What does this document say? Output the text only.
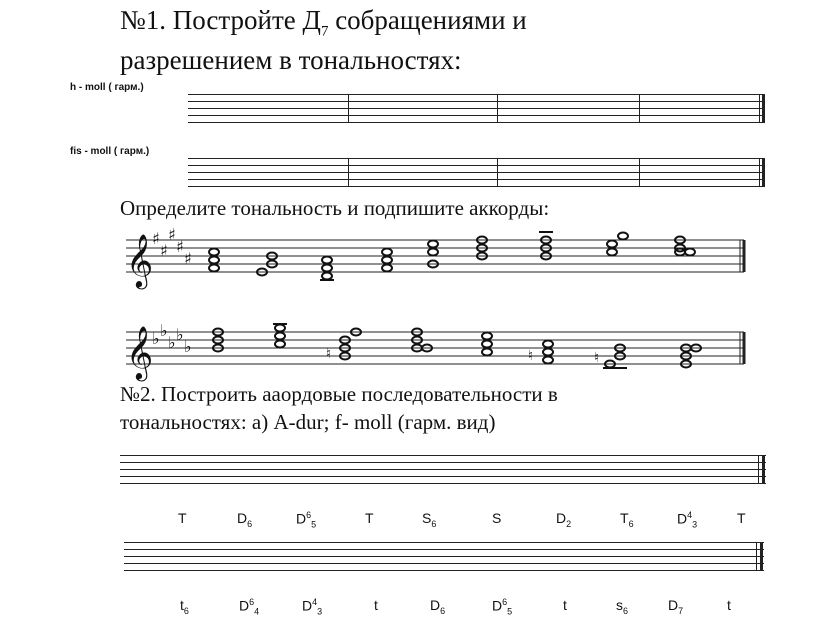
№1. Постройте $Д_7$ собращениями и
разрешением в тональностях:
h - moll ( гарм.)
fis - moll ( гарм.)
Определите тональность и подпишите аккорды:
𝄞
♯
♯
♯
♯
♯
𝄞
♭ ♭
♭ ♭
♭	♮	♮	♮
№2. Построить ааордовые последовательности в
тональностях: а) A-dur; f- moll (гарм. вид)
T	$D_6$	$D^6_5$	T	$S_6$	S	$D_2$	$T_6$	$D^4_3$	T
$t_6$	$D^6_4$	$D^4_3$	t	$D_6$	$D^6_5$	t	$s_6$	$D_7$	t
